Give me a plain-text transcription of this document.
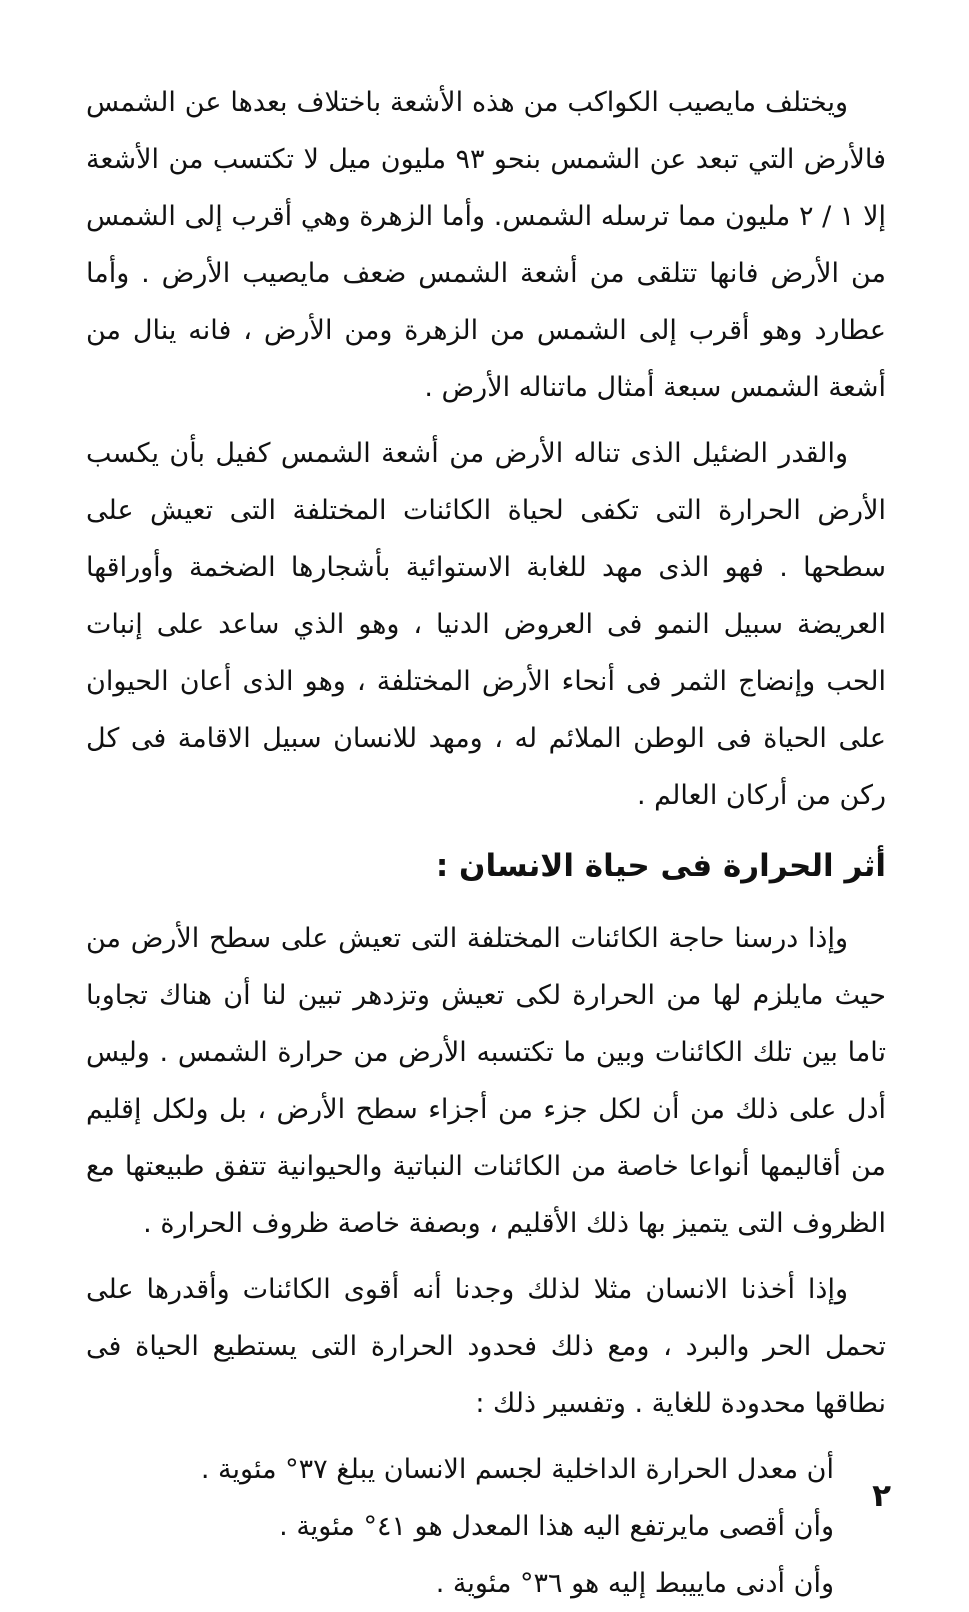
ويختلف مايصيب الكواكب من هذه الأشعة باختلاف بعدها عن الشمس فالأرض التي تبعد عن الشمس بنحو ٩٣ مليون ميل لا تكتسب من الأشعة إلا ١ / ٢ مليون مما ترسله الشمس. وأما الزهرة وهي أقرب إلى الشمس من الأرض فانها تتلقى من أشعة الشمس ضعف مايصيب الأرض . وأما عطارد وهو أقرب إلى الشمس من الزهرة ومن الأرض ، فانه ينال من أشعة الشمس سبعة أمثال ماتناله الأرض .

والقدر الضئيل الذى تناله الأرض من أشعة الشمس كفيل بأن يكسب الأرض الحرارة التى تكفى لحياة الكائنات المختلفة التى تعيش على سطحها . فهو الذى مهد للغابة الاستوائية بأشجارها الضخمة وأوراقها العريضة سبيل النمو فى العروض الدنيا ، وهو الذي ساعد على إنبات الحب وإنضاج الثمر فى أنحاء الأرض المختلفة ، وهو الذى أعان الحيوان على الحياة فى الوطن الملائم له ، ومهد للانسان سبيل الاقامة فى كل ركن من أركان العالم .

أثر الحرارة فى حياة الانسان :

وإذا درسنا حاجة الكائنات المختلفة التى تعيش على سطح الأرض من حيث مايلزم لها من الحرارة لكى تعيش وتزدهر تبين لنا أن هناك تجاوبا تاما بين تلك الكائنات وبين ما تكتسبه الأرض من حرارة الشمس . وليس أدل على ذلك من أن لكل جزء من أجزاء سطح الأرض ، بل ولكل إقليم من أقاليمها أنواعا خاصة من الكائنات النباتية والحيوانية تتفق طبيعتها مع الظروف التى يتميز بها ذلك الأقليم ، وبصفة خاصة ظروف الحرارة .

وإذا أخذنا الانسان مثلا لذلك وجدنا أنه أقوى الكائنات وأقدرها على تحمل الحر والبرد ، ومع ذلك فحدود الحرارة التى يستطيع الحياة فى نطاقها محدودة للغاية . وتفسير ذلك :

أن معدل الحرارة الداخلية لجسم الانسان يبلغ ٣٧° مئوية .
وأن أقصى مايرتفع اليه هذا المعدل هو ٤١° مئوية .
وأن أدنى ماييبط إليه هو ٣٦° مئوية .
٢
